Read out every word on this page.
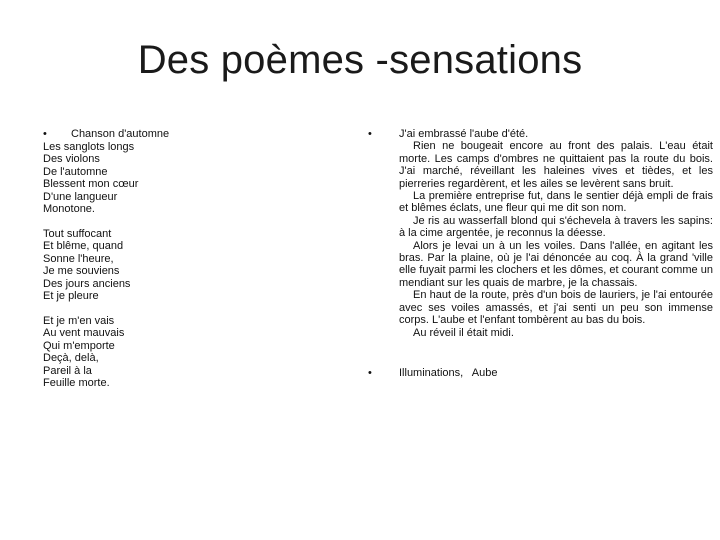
Des poèmes -sensations

• Chanson d'automne
Les sanglots longs
Des violons
De l'automne
Blessent mon cœur
D'une langueur
Monotone.

Tout suffocant
Et blême, quand
Sonne l'heure,
Je me souviens
Des jours anciens
Et je pleure

Et je m'en vais
Au vent mauvais
Qui m'emporte
Deçà, delà,
Pareil à la
Feuille morte.

• J'ai embrassé l'aube d'été.
Rien ne bougeait encore au front des palais. L'eau était morte. Les camps d'ombres ne quittaient pas la route du bois. J'ai marché, réveillant les haleines vives et tièdes, et les pierreries regardèrent, et les ailes se levèrent sans bruit.
La première entreprise fut, dans le sentier déjà empli de frais et blêmes éclats, une fleur qui me dit son nom.
Je ris au wasserfall blond qui s'échevela à travers les sapins: à la cime argentée, je reconnus la déesse.
Alors je levai un à un les voiles. Dans l'allée, en agitant les bras. Par la plaine, où je l'ai dénoncée au coq. À la grand 'ville elle fuyait parmi les clochers et les dômes, et courant comme un mendiant sur les quais de marbre, je la chassais.
En haut de la route, près d'un bois de lauriers, je l'ai entourée avec ses voiles amassés, et j'ai senti un peu son immense corps. L'aube et l'enfant tombèrent au bas du bois.
Au réveil il était midi.
• Illuminations,   Aube
